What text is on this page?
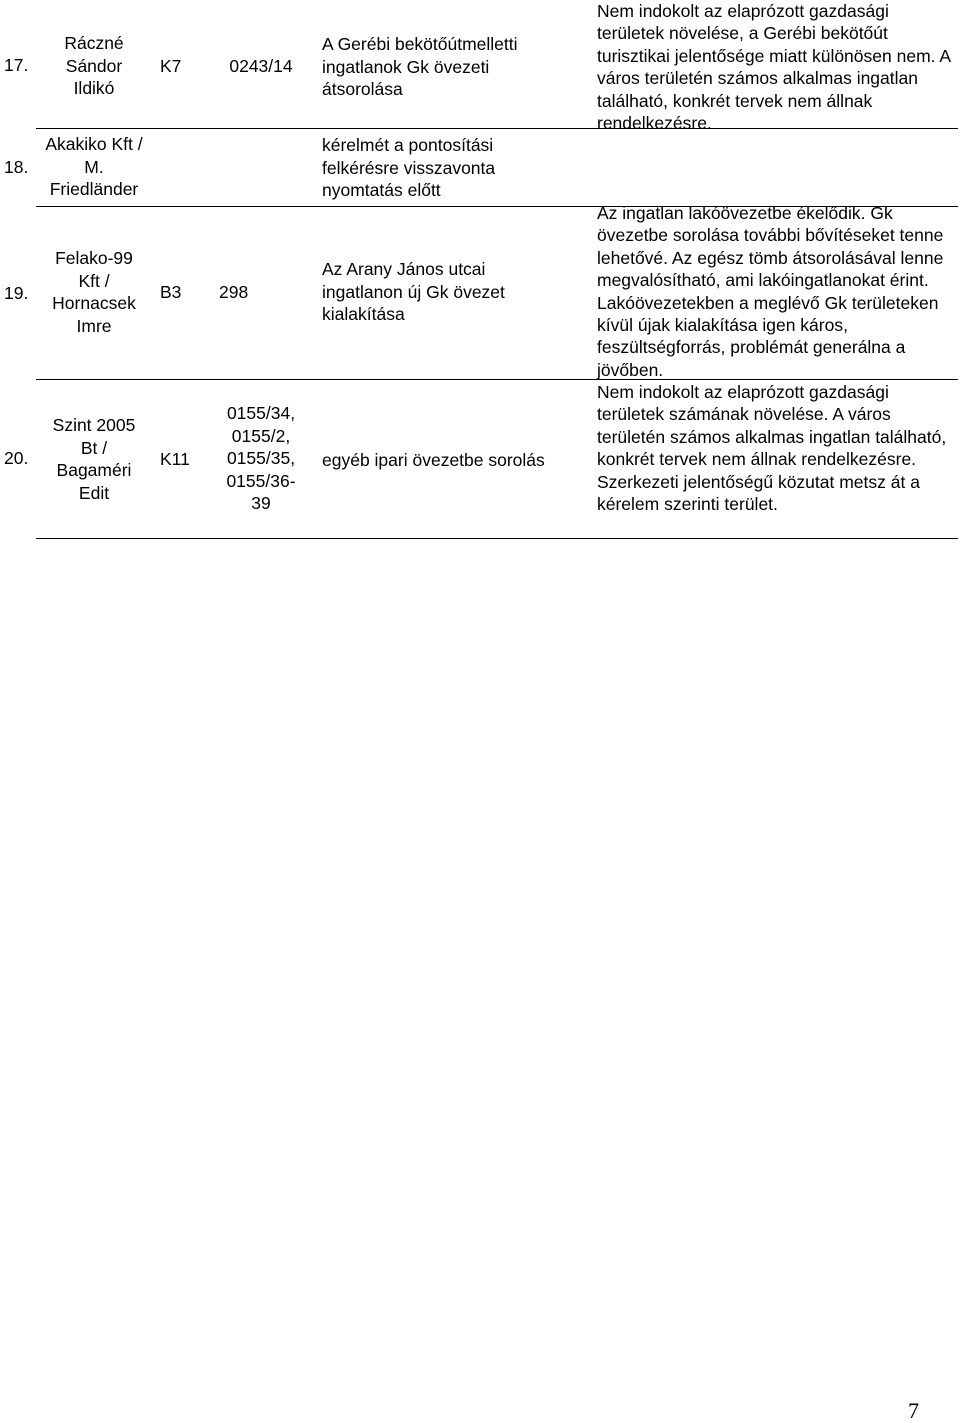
17.
Ráczné Sándor Ildikó
K7	0243/14
A Gerébi bekötőútmelletti ingatlanok Gk övezeti átsorolása
Nem indokolt az elaprózott gazdasági területek növelése, a Gerébi bekötőút turisztikai jelentősége miatt különösen nem. A város területén számos alkalmas ingatlan található, konkrét tervek nem állnak rendelkezésre.
18.
Akakiko Kft / M. Friedländer
kérelmét a pontosítási felkérésre visszavonta nyomtatás előtt
19.
Felako-99 Kft / Hornacsek Imre
B3	298
Az Arany János utcai ingatlanon új Gk övezet kialakítása
Az ingatlan lakóövezetbe ékelődik. Gk övezetbe sorolása további bővítéseket tenne lehetővé. Az egész tömb átsorolásával lenne megvalósítható, ami lakóingatlanokat érint. Lakóövezetekben a meglévő Gk területeken kívül újak kialakítása igen káros, feszültségforrás, problémát generálna a jövőben.
20.
Szint 2005 Bt / Bagaméri Edit
K11
0155/34, 0155/2, 0155/35, 0155/36-39
egyéb ipari övezetbe sorolás
Nem indokolt az elaprózott gazdasági területek számának növelése. A város területén számos alkalmas ingatlan található, konkrét tervek nem állnak rendelkezésre. Szerkezeti jelentőségű közutat metsz át a kérelem szerinti terület.
7
